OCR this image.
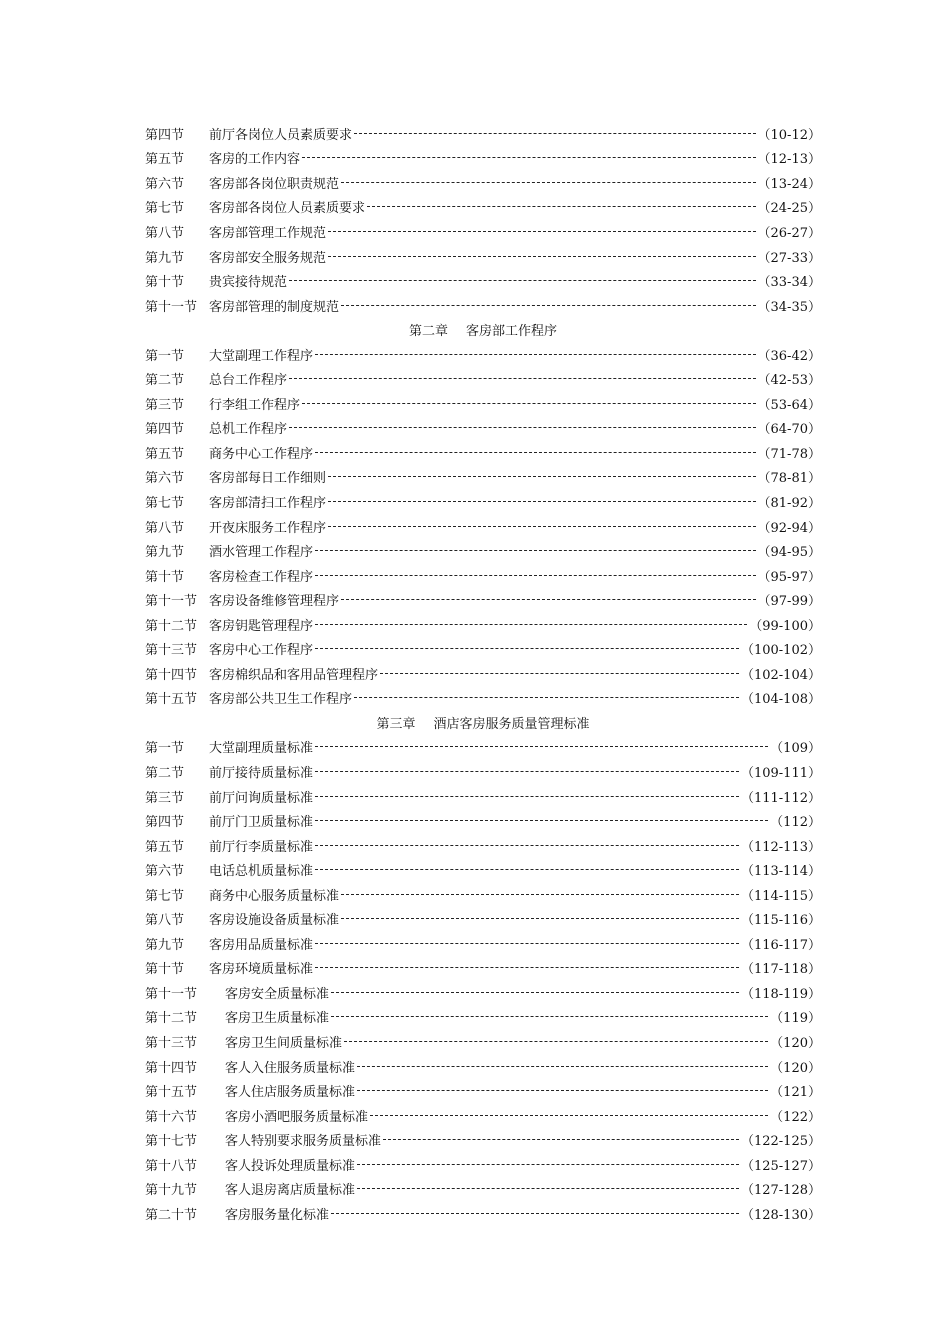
第四节	前厅各岗位人员素质要求	（10-12）
第五节	客房的工作内容	（12-13）
第六节	客房部各岗位职责规范	（13-24）
第七节	客房部各岗位人员素质要求	（24-25）
第八节	客房部管理工作规范	（26-27）
第九节	客房部安全服务规范	（27-33）
第十节	贵宾接待规范	（33-34）
第十一节 客房部管理的制度规范	（34-35）
第二章 客房部工作程序
第一节	大堂副理工作程序	（36-42）
第二节	总台工作程序	（42-53）
第三节	行李组工作程序	（53-64）
第四节	总机工作程序	（64-70）
第五节	商务中心工作程序	（71-78）
第六节	客房部每日工作细则	（78-81）
第七节	客房部清扫工作程序	（81-92）
第八节	开夜床服务工作程序	（92-94）
第九节	酒水管理工作程序	（94-95）
第十节	客房检查工作程序	（95-97）
第十一节 客房设备维修管理程序	（97-99）
第十二节 客房钥匙管理程序	（99-100）
第十三节 客房中心工作程序	（100-102）
第十四节 客房棉织品和客用品管理程序	（102-104）
第十五节 客房部公共卫生工作程序	（104-108）
第三章 酒店客房服务质量管理标准
第一节	大堂副理质量标准	（109）
第二节	前厅接待质量标准	（109-111）
第三节	前厅问询质量标准	（111-112）
第四节	前厅门卫质量标准	（112）
第五节	前厅行李质量标准	（112-113）
第六节	电话总机质量标准	（113-114）
第七节	商务中心服务质量标准	（114-115）
第八节	客房设施设备质量标准	（115-116）
第九节	客房用品质量标准	（116-117）
第十节	客房环境质量标准	（117-118）
第十一节	客房安全质量标准	（118-119）
第十二节	客房卫生质量标准	（119）
第十三节	客房卫生间质量标准	（120）
第十四节	客人入住服务质量标准	（120）
第十五节	客人住店服务质量标准	（121）
第十六节	客房小酒吧服务质量标准	（122）
第十七节	客人特别要求服务质量标准	（122-125）
第十八节	客人投诉处理质量标准	（125-127）
第十九节	客人退房离店质量标准	（127-128）
第二十节	客房服务量化标准	（128-130）
